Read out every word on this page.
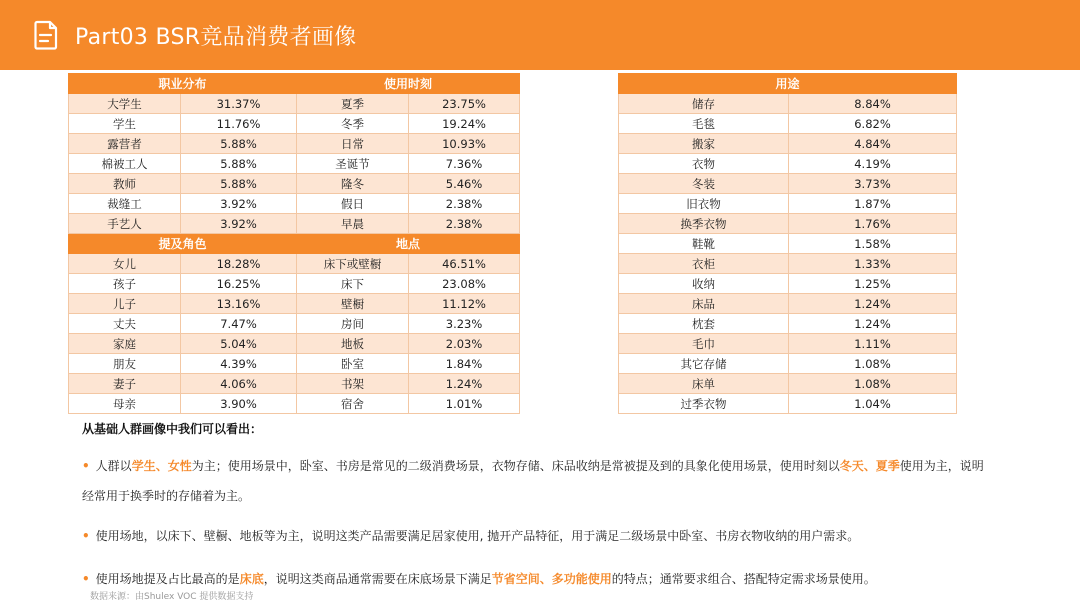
Part03 BSR竞品消费者画像
职业分布		使用时刻	
大学生	31.37%	夏季	23.75%
学生	11.76%	冬季	19.24%
露营者	5.88%	日常	10.93%
棉被工人	5.88%	圣诞节	7.36%
教师	5.88%	隆冬	5.46%
裁缝工	3.92%	假日	2.38%
手艺人	3.92%	早晨	2.38%
提及角色		地点	
女儿	18.28%	床下或壁橱	46.51%
孩子	16.25%	床下	23.08%
儿子	13.16%	壁橱	11.12%
丈夫	7.47%	房间	3.23%
家庭	5.04%	地板	2.03%
朋友	4.39%	卧室	1.84%
妻子	4.06%	书架	1.24%
母亲	3.90%	宿舍	1.01%
用途	
储存	8.84%
毛毯	6.82%
搬家	4.84%
衣物	4.19%
冬装	3.73%
旧衣物	1.87%
换季衣物	1.76%
鞋靴	1.58%
衣柜	1.33%
收纳	1.25%
床品	1.24%
枕套	1.24%
毛巾	1.11%
其它存储	1.08%
床单	1.08%
过季衣物	1.04%
从基础人群画像中我们可以看出：
• 人群以学生、女性为主；使用场景中，卧室、书房是常见的二级消费场景，衣物存储、床品收纳是常被提及到的具象化使用场景，使用时刻以冬天、夏季使用为主，说明经常用于换季时的存储着为主。
• 使用场地，以床下、壁橱、地板等为主，说明这类产品需要满足居家使用, 抛开产品特征，用于满足二级场景中卧室、书房衣物收纳的用户需求。
• 使用场地提及占比最高的是床底，说明这类商品通常需要在床底场景下满足节省空间、多功能使用的特点；通常要求组合、搭配特定需求场景使用。
数据来源：由Shulex VOC 提供数据支持
